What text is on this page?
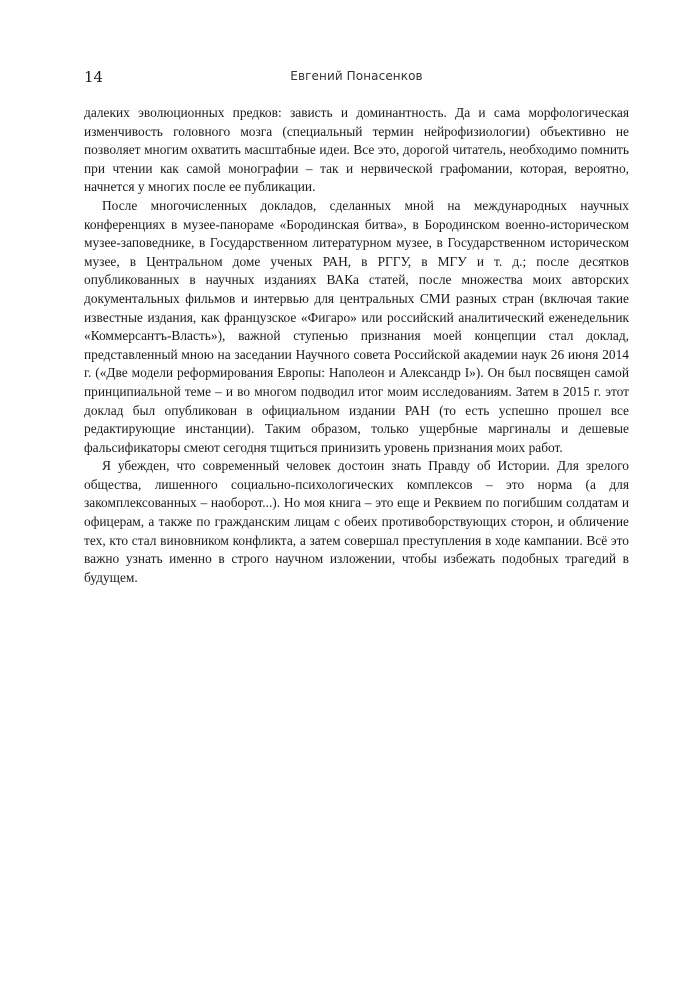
14	Евгений Понасенков

далеких эволюционных предков: зависть и доминантность. Да и сама морфологическая изменчивость головного мозга (специальный термин нейрофизиологии) объективно не позволяет многим охватить масштабные идеи. Все это, дорогой читатель, необходимо помнить при чтении как самой монографии – так и нервической графомании, которая, вероятно, начнется у многих после ее публикации.

После многочисленных докладов, сделанных мной на международных научных конференциях в музее-панораме «Бородинская битва», в Бородинском военно-историческом музее-заповеднике, в Государственном литературном музее, в Государственном историческом музее, в Центральном доме ученых РАН, в РГГУ, в МГУ и т. д.; после десятков опубликованных в научных изданиях ВАКа статей, после множества моих авторских документальных фильмов и интервью для центральных СМИ разных стран (включая такие известные издания, как французское «Фигаро» или российский аналитический еженедельник «Коммерсантъ-Власть»), важной ступенью признания моей концепции стал доклад, представленный мною на заседании Научного совета Российской академии наук 26 июня 2014 г. («Две модели реформирования Европы: Наполеон и Александр I»). Он был посвящен самой принципиальной теме – и во многом подводил итог моим исследованиям. Затем в 2015 г. этот доклад был опубликован в официальном издании РАН (то есть успешно прошел все редактирующие инстанции). Таким образом, только ущербные маргиналы и дешевые фальсификаторы смеют сегодня тщиться принизить уровень признания моих работ.

Я убежден, что современный человек достоин знать Правду об Истории. Для зрелого общества, лишенного социально-психологических комплексов – это норма (а для закомплексованных – наоборот...). Но моя книга – это еще и Реквием по погибшим солдатам и офицерам, а также по гражданским лицам с обеих противоборствующих сторон, и обличение тех, кто стал виновником конфликта, а затем совершал преступления в ходе кампании. Всё это важно узнать именно в строго научном изложении, чтобы избежать подобных трагедий в будущем.
